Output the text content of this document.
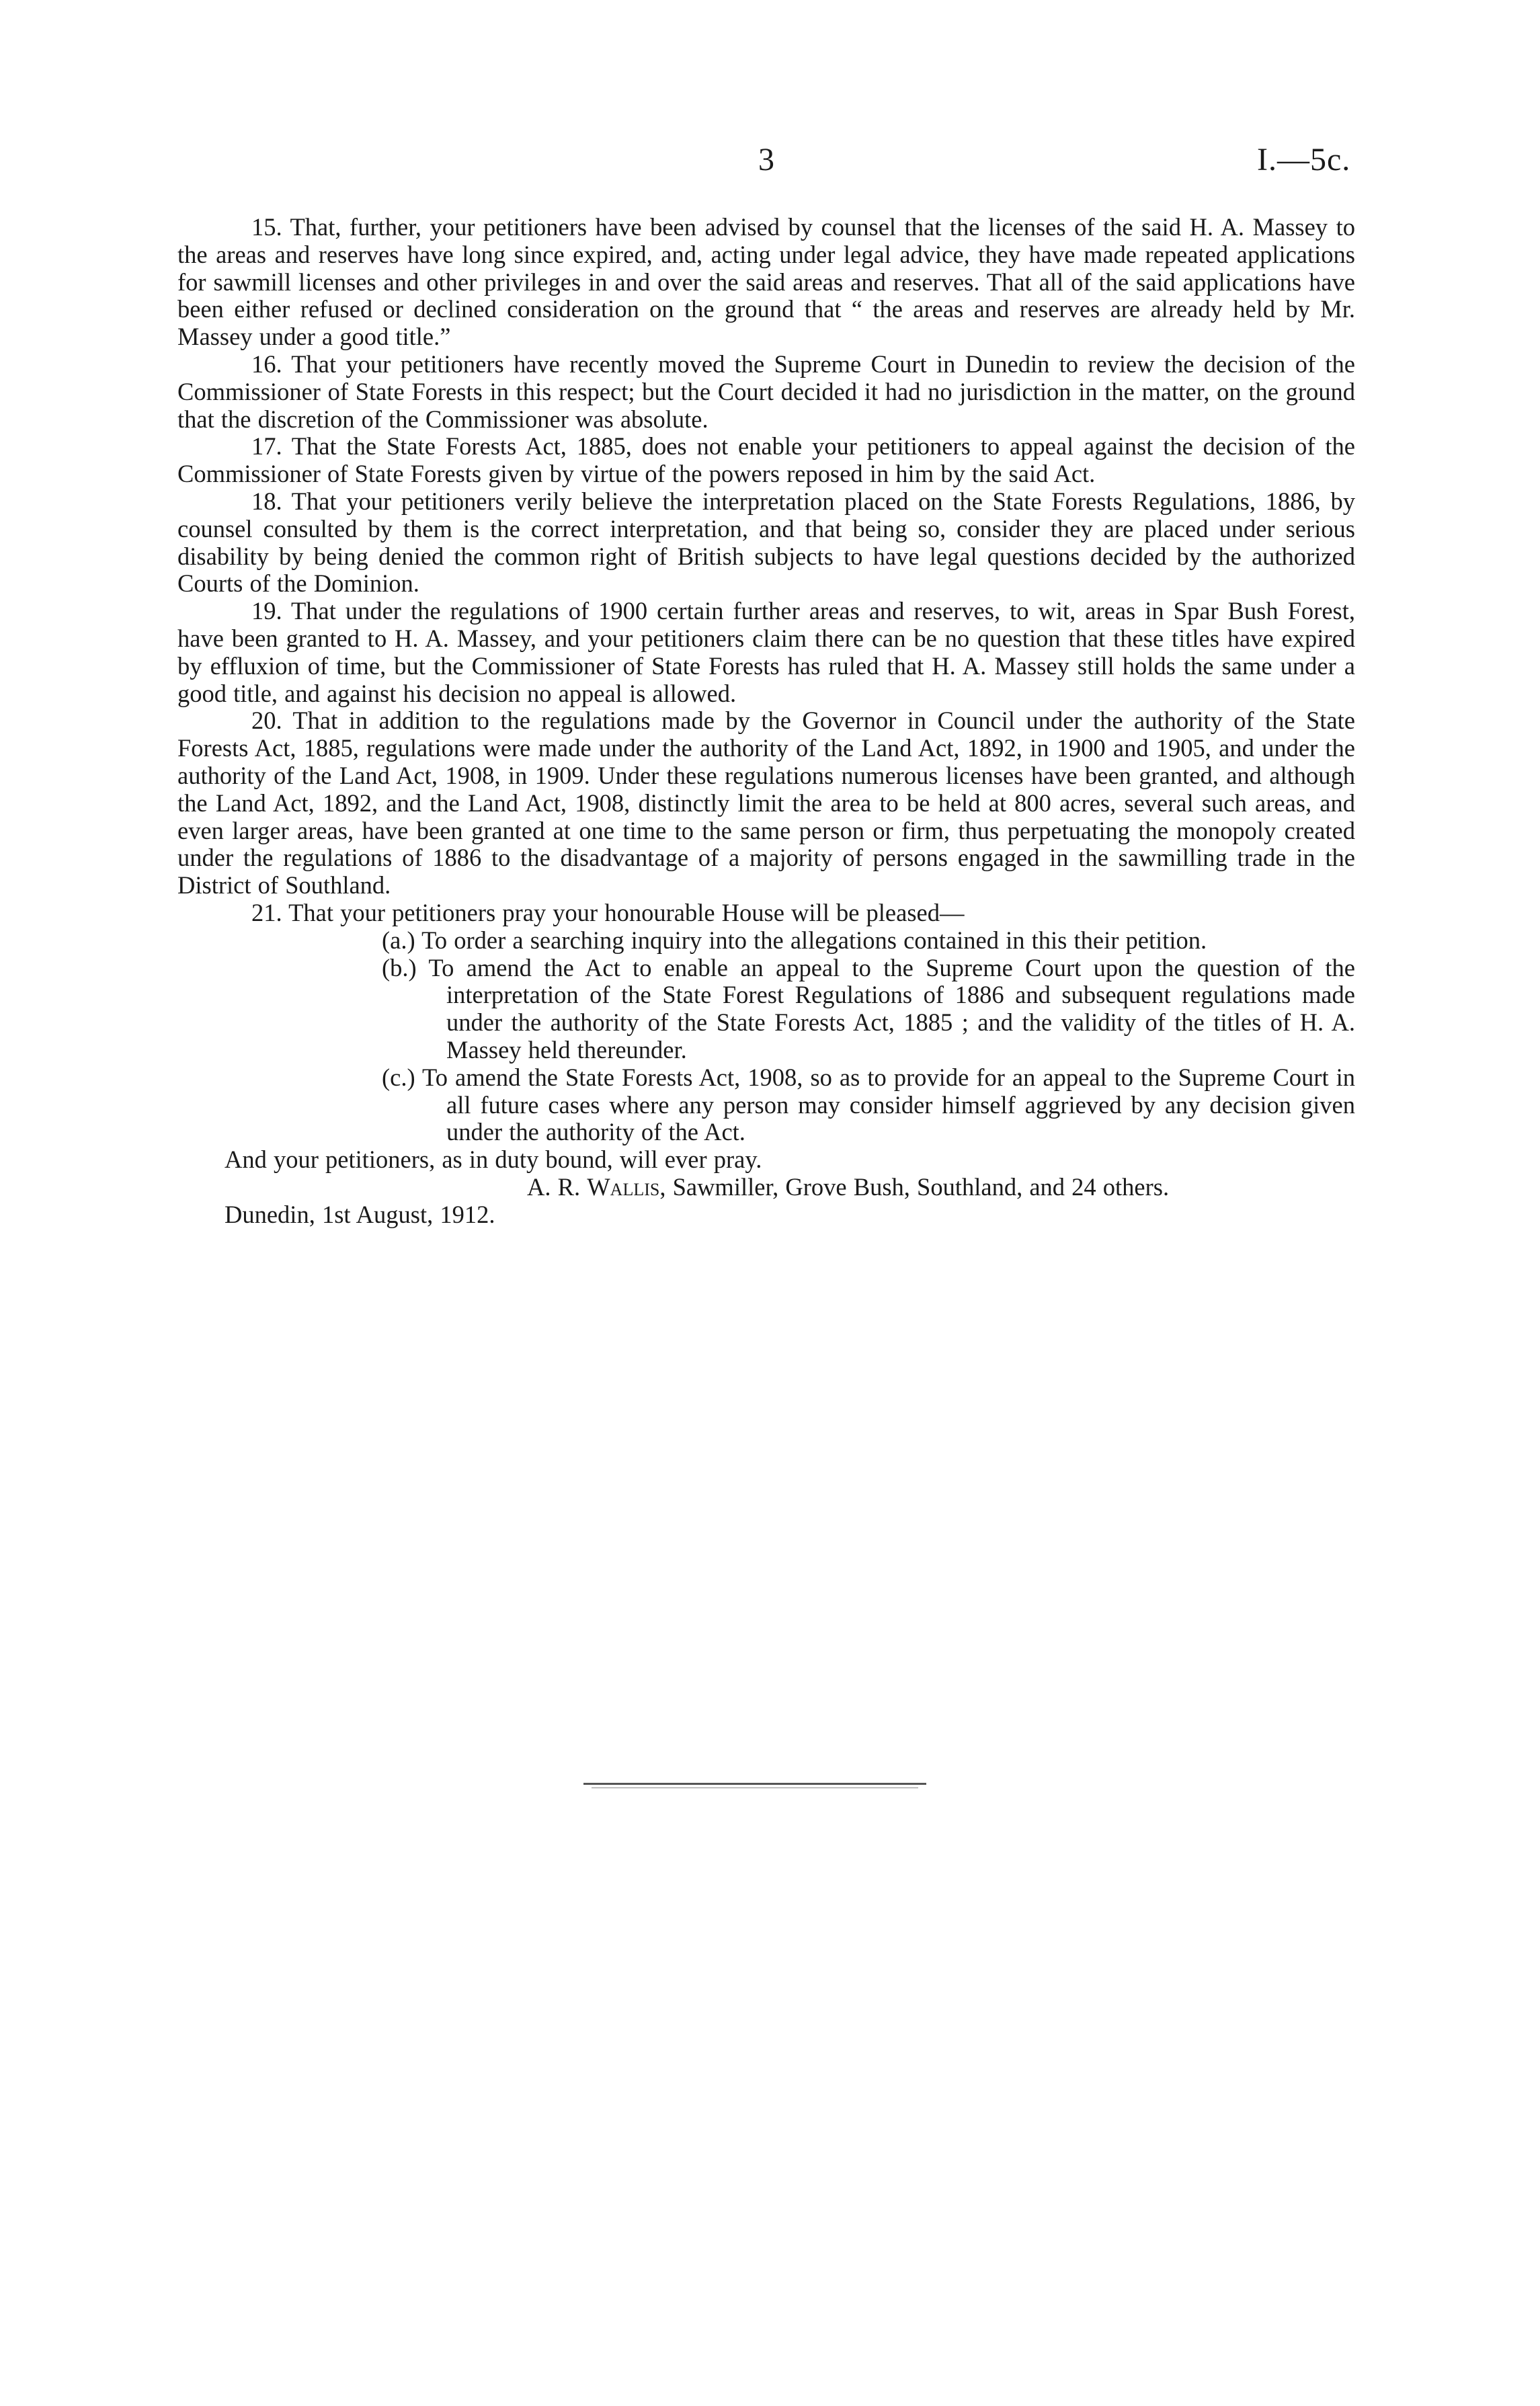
3	I.—5c.

15. That, further, your petitioners have been advised by counsel that the licenses of the said H. A. Massey to the areas and reserves have long since expired, and, acting under legal advice, they have made repeated applications for sawmill licenses and other privileges in and over the said areas and reserves. That all of the said applications have been either refused or declined consideration on the ground that “ the areas and reserves are already held by Mr. Massey under a good title.”

16. That your petitioners have recently moved the Supreme Court in Dunedin to review the decision of the Commissioner of State Forests in this respect; but the Court decided it had no jurisdiction in the matter, on the ground that the discretion of the Commissioner was absolute.

17. That the State Forests Act, 1885, does not enable your petitioners to appeal against the decision of the Commissioner of State Forests given by virtue of the powers reposed in him by the said Act.

18. That your petitioners verily believe the interpretation placed on the State Forests Regulations, 1886, by counsel consulted by them is the correct interpretation, and that being so, consider they are placed under serious disability by being denied the common right of British subjects to have legal questions decided by the authorized Courts of the Dominion.

19. That under the regulations of 1900 certain further areas and reserves, to wit, areas in Spar Bush Forest, have been granted to H. A. Massey, and your petitioners claim there can be no question that these titles have expired by effluxion of time, but the Commissioner of State Forests has ruled that H. A. Massey still holds the same under a good title, and against his decision no appeal is allowed.

20. That in addition to the regulations made by the Governor in Council under the authority of the State Forests Act, 1885, regulations were made under the authority of the Land Act, 1892, in 1900 and 1905, and under the authority of the Land Act, 1908, in 1909. Under these regulations numerous licenses have been granted, and although the Land Act, 1892, and the Land Act, 1908, distinctly limit the area to be held at 800 acres, several such areas, and even larger areas, have been granted at one time to the same person or firm, thus perpetuating the monopoly created under the regulations of 1886 to the disadvantage of a majority of persons engaged in the sawmilling trade in the District of Southland.

21. That your petitioners pray your honourable House will be pleased—

(a.) To order a searching inquiry into the allegations contained in this their petition.

(b.) To amend the Act to enable an appeal to the Supreme Court upon the question of the interpretation of the State Forest Regulations of 1886 and subsequent regulations made under the authority of the State Forests Act, 1885 ; and the validity of the titles of H. A. Massey held thereunder.

(c.) To amend the State Forests Act, 1908, so as to provide for an appeal to the Supreme Court in all future cases where any person may consider himself aggrieved by any decision given under the authority of the Act.

And your petitioners, as in duty bound, will ever pray.

A. R. Wallis, Sawmiller, Grove Bush, Southland, and 24 others.

Dunedin, 1st August, 1912.
